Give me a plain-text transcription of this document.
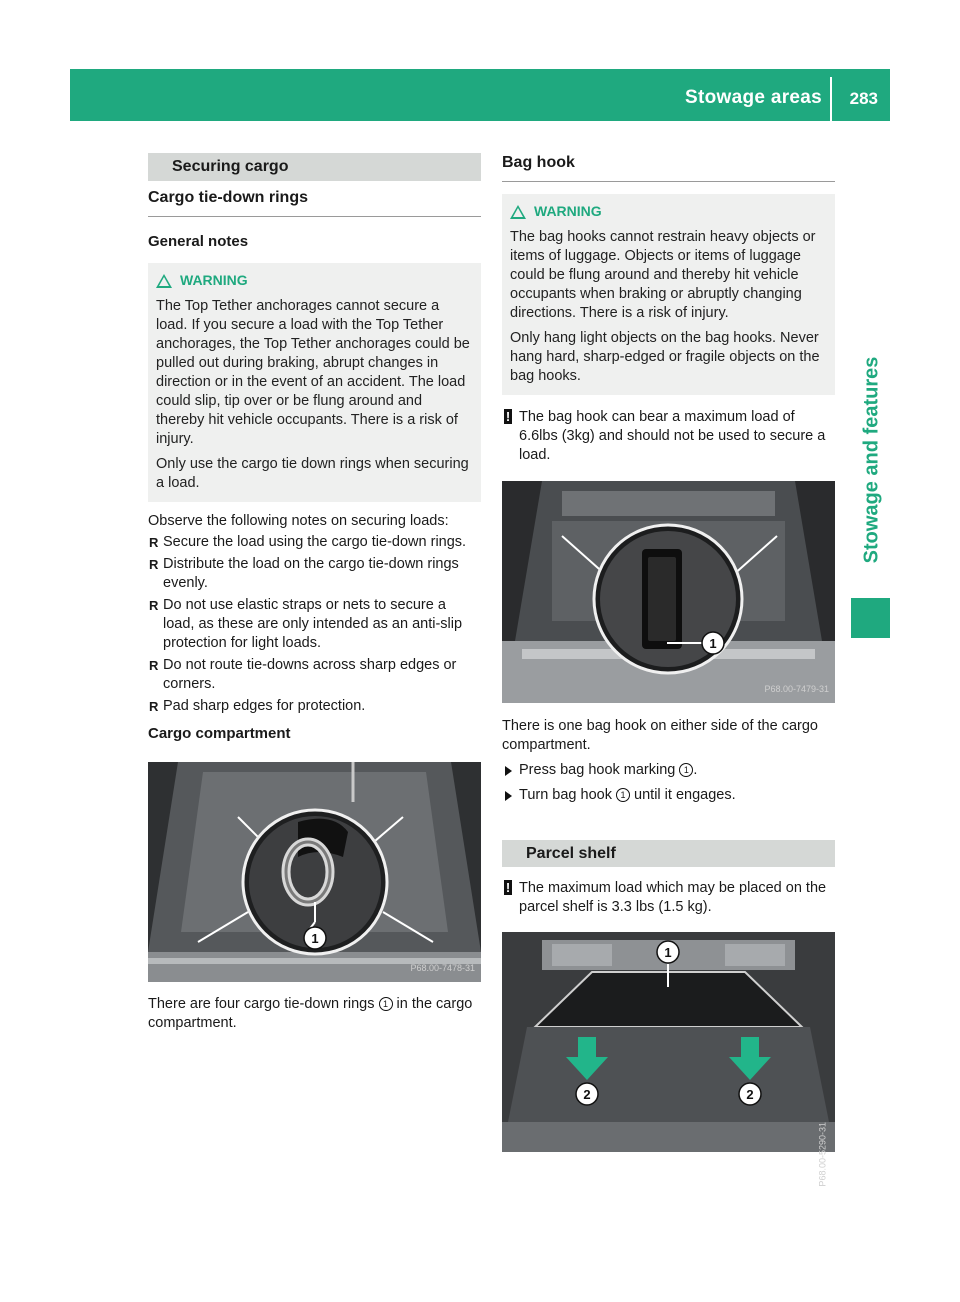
Stowage areas 283
Stowage and features
Securing cargo
Cargo tie-down rings
General notes
WARNING

The Top Tether anchorages cannot secure a load. If you secure a load with the Top Tether anchorages, the Top Tether anchorages could be pulled out during braking, abrupt changes in direction or in the event of an accident. The load could slip, tip over or be flung around and thereby hit vehicle occupants. There is a risk of injury.

Only use the cargo tie down rings when securing a load.

Observe the following notes on securing loads:

R Secure the load using the cargo tie-down rings.
R Distribute the load on the cargo tie-down rings evenly.
R Do not use elastic straps or nets to secure a load, as these are only intended as an anti-slip protection for light loads.
R Do not route tie-downs across sharp edges or corners.
R Pad sharp edges for protection.
Cargo compartment
1
P68.00-7478-31

There are four cargo tie-down rings 1 in the cargo compartment.

Bag hook
WARNING

The bag hooks cannot restrain heavy objects or items of luggage. Objects or items of luggage could be flung around and thereby hit vehicle occupants when braking or abruptly changing directions. There is a risk of injury.

Only hang light objects on the bag hooks. Never hang hard, sharp-edged or fragile objects on the bag hooks.

! The bag hook can bear a maximum load of 6.6lbs (3kg) and should not be used to secure a load.

1
P68.00-7479-31

There is one bag hook on either side of the cargo compartment.

Press bag hook marking 1 .
Turn bag hook 1 until it engages.
Parcel shelf

! The maximum load which may be placed on the parcel shelf is 3.3 lbs (1.5 kg).

1
2	2
P68.00-5290-31
